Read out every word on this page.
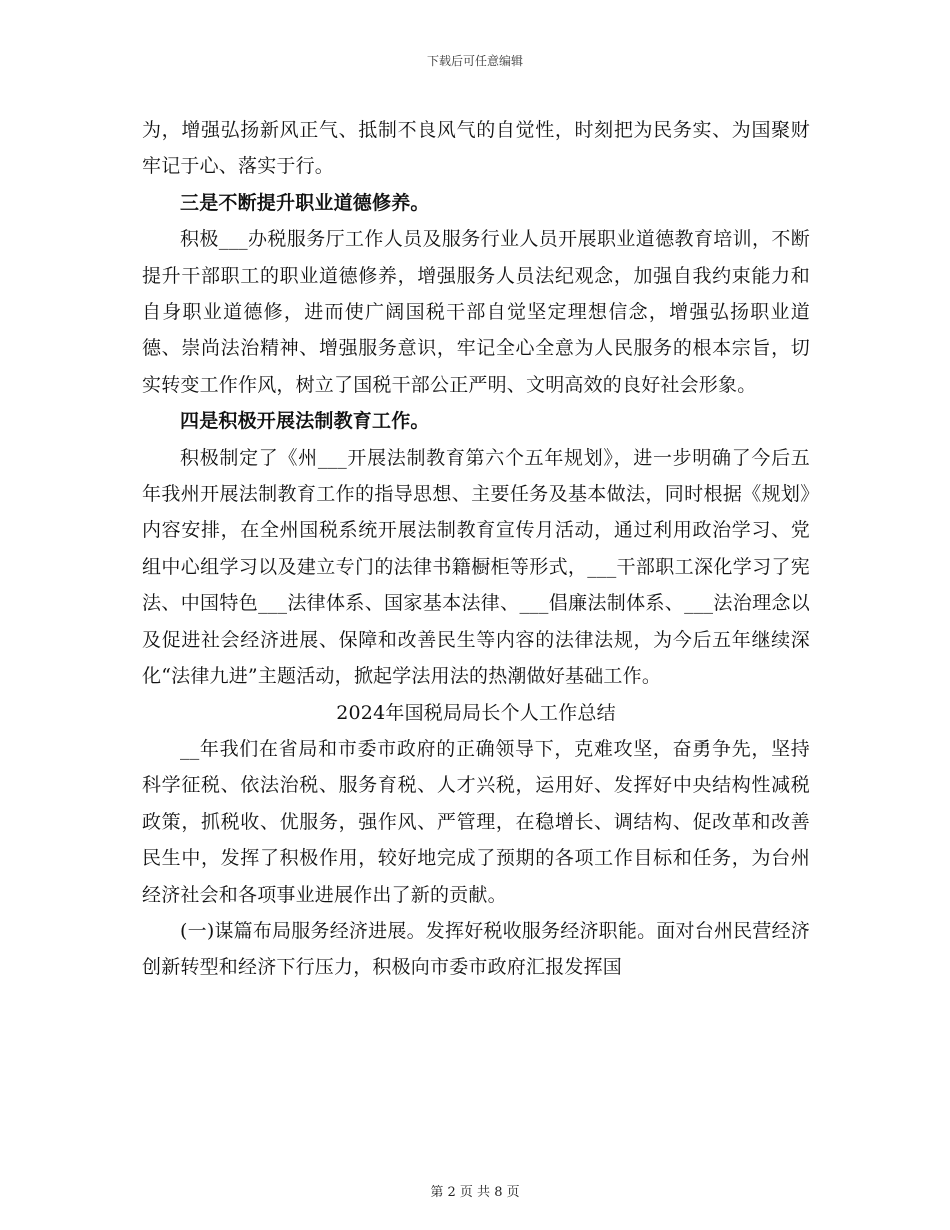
下载后可任意编辑

为，增强弘扬新风正气、抵制不良风气的自觉性，时刻把为民务实、为国聚财牢记于心、落实于行。

三是不断提升职业道德修养。

积极___办税服务厅工作人员及服务行业人员开展职业道德教育培训，不断提升干部职工的职业道德修养，增强服务人员法纪观念，加强自我约束能力和自身职业道德修，进而使广阔国税干部自觉坚定理想信念，增强弘扬职业道德、崇尚法治精神、增强服务意识，牢记全心全意为人民服务的根本宗旨，切实转变工作作风，树立了国税干部公正严明、文明高效的良好社会形象。

四是积极开展法制教育工作。

积极制定了《州___开展法制教育第六个五年规划》，进一步明确了今后五年我州开展法制教育工作的指导思想、主要任务及基本做法，同时根据《规划》内容安排，在全州国税系统开展法制教育宣传月活动，通过利用政治学习、党组中心组学习以及建立专门的法律书籍橱柜等形式，___干部职工深化学习了宪法、中国特色___法律体系、国家基本法律、___倡廉法制体系、___法治理念以及促进社会经济进展、保障和改善民生等内容的法律法规，为今后五年继续深化“法律九进”主题活动，掀起学法用法的热潮做好基础工作。

2024年国税局局长个人工作总结

__年我们在省局和市委市政府的正确领导下，克难攻坚，奋勇争先，坚持科学征税、依法治税、服务育税、人才兴税，运用好、发挥好中央结构性减税政策，抓税收、优服务，强作风、严管理，在稳增长、调结构、促改革和改善民生中，发挥了积极作用，较好地完成了预期的各项工作目标和任务，为台州经济社会和各项事业进展作出了新的贡献。

(一)谋篇布局服务经济进展。发挥好税收服务经济职能。面对台州民营经济创新转型和经济下行压力，积极向市委市政府汇报发挥国

第 2 页 共 8 页
